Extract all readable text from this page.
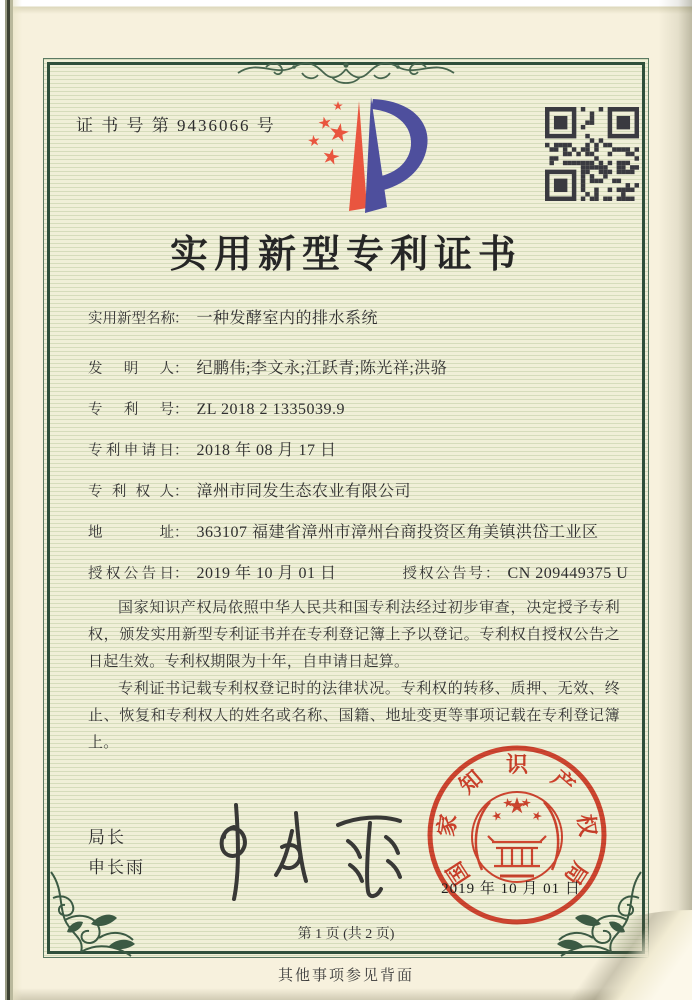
证 书 号 第 9436066 号
实用新型专利证书
实用新型名称： 一种发酵室内的排水系统
发明人： 纪鹏伟;李文永;江跃青;陈光祥;洪骆
专利号： ZL 2018 2 1335039.9
专利申请日： 2018 年 08 月 17 日
专利权人： 漳州市同发生态农业有限公司
地址： 363107 福建省漳州市漳州台商投资区角美镇洪岱工业区
授权公告日： 2019 年 10 月 01 日	授权公告号： CN 209449375 U

国家知识产权局依照中华人民共和国专利法经过初步审查，决定授予专利权，颁发实用新型专利证书并在专利登记簿上予以登记。专利权自授权公告之日起生效。专利权期限为十年，自申请日起算。

专利证书记载专利权登记时的法律状况。专利权的转移、质押、无效、终止、恢复和专利权人的姓名或名称、国籍、地址变更等事项记载在专利登记簿上。

局长
申长雨	国
家
知
识
产
权
局
2019 年 10 月 01 日
第 1 页 (共 2 页)
其他事项参见背面
